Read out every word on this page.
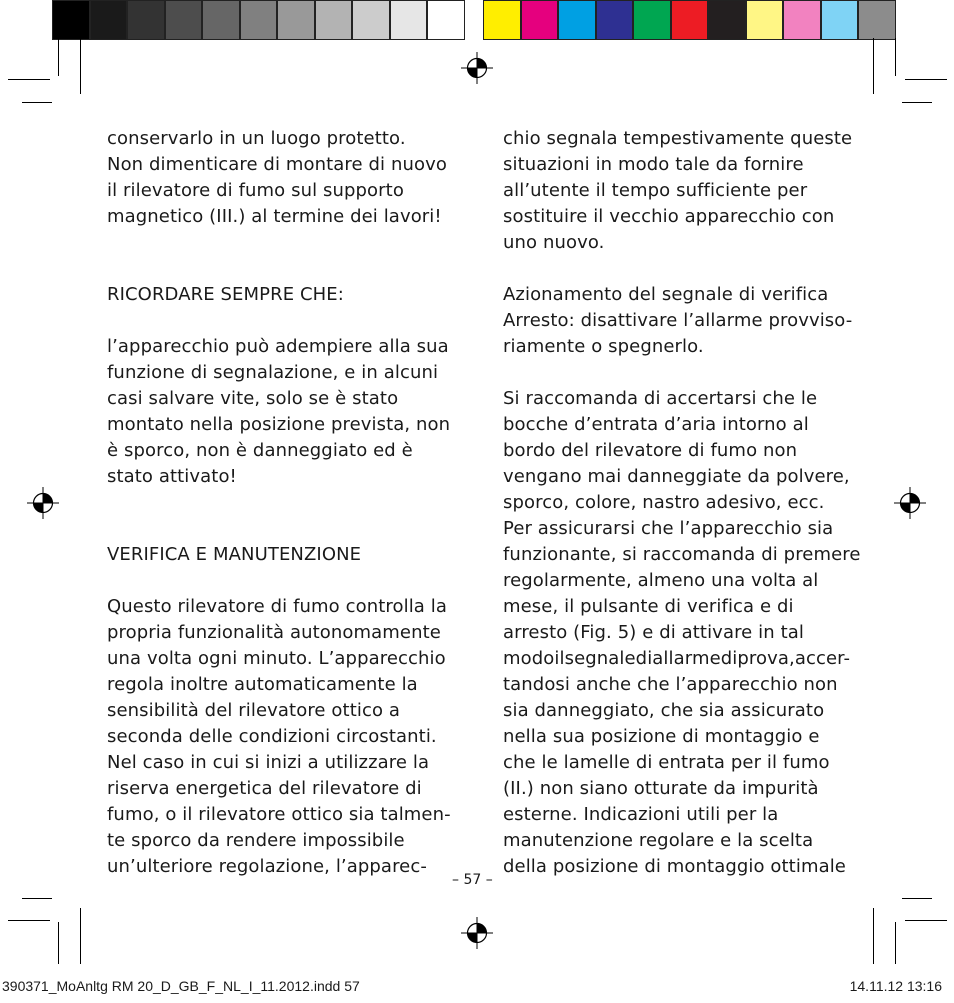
conservarlo in un luogo protetto.
Non dimenticare di montare di nuovo
il rilevatore di fumo sul supporto
magnetico (III.) al termine dei lavori!
RICORDARE SEMPRE CHE:
l’apparecchio può adempiere alla sua
funzione di segnalazione, e in alcuni
casi salvare vite, solo se è stato
montato nella posizione prevista, non
è sporco, non è danneggiato ed è
stato attivato!
VERIFICA E MANUTENZIONE
Questo rilevatore di fumo controlla la
propria funzionalità autonomamente
una volta ogni minuto. L’apparecchio
regola inoltre automaticamente la
sensibilità del rilevatore ottico a
seconda delle condizioni circostanti.
Nel caso in cui si inizi a utilizzare la
riserva energetica del rilevatore di
fumo, o il rilevatore ottico sia talmen-
te sporco da rendere impossibile
un’ulteriore regolazione, l’apparec-
chio segnala tempestivamente queste
situazioni in modo tale da fornire
all’utente il tempo sufficiente per
sostituire il vecchio apparecchio con
uno nuovo.
Azionamento del segnale di verifica
Arresto: disattivare l’allarme provviso-
riamente o spegnerlo.
Si raccomanda di accertarsi che le
bocche d’entrata d’aria intorno al
bordo del rilevatore di fumo non
vengano mai danneggiate da polvere,
sporco, colore, nastro adesivo, ecc.
Per assicurarsi che l’apparecchio sia
funzionante, si raccomanda di premere
regolarmente, almeno una volta al
mese, il pulsante di verifica e di
arresto (Fig. 5) e di attivare in tal
modoilsegnalediallarmediprova,accer-
tandosi anche che l’apparecchio non
sia danneggiato, che sia assicurato
nella sua posizione di montaggio e
che le lamelle di entrata per il fumo
(II.) non siano otturate da impurità
esterne. Indicazioni utili per la
manutenzione regolare e la scelta
della posizione di montaggio ottimale
– 57 –
390371_MoAnltg RM 20_D_GB_F_NL_I_11.2012.indd 57	14.11.12 13:16
